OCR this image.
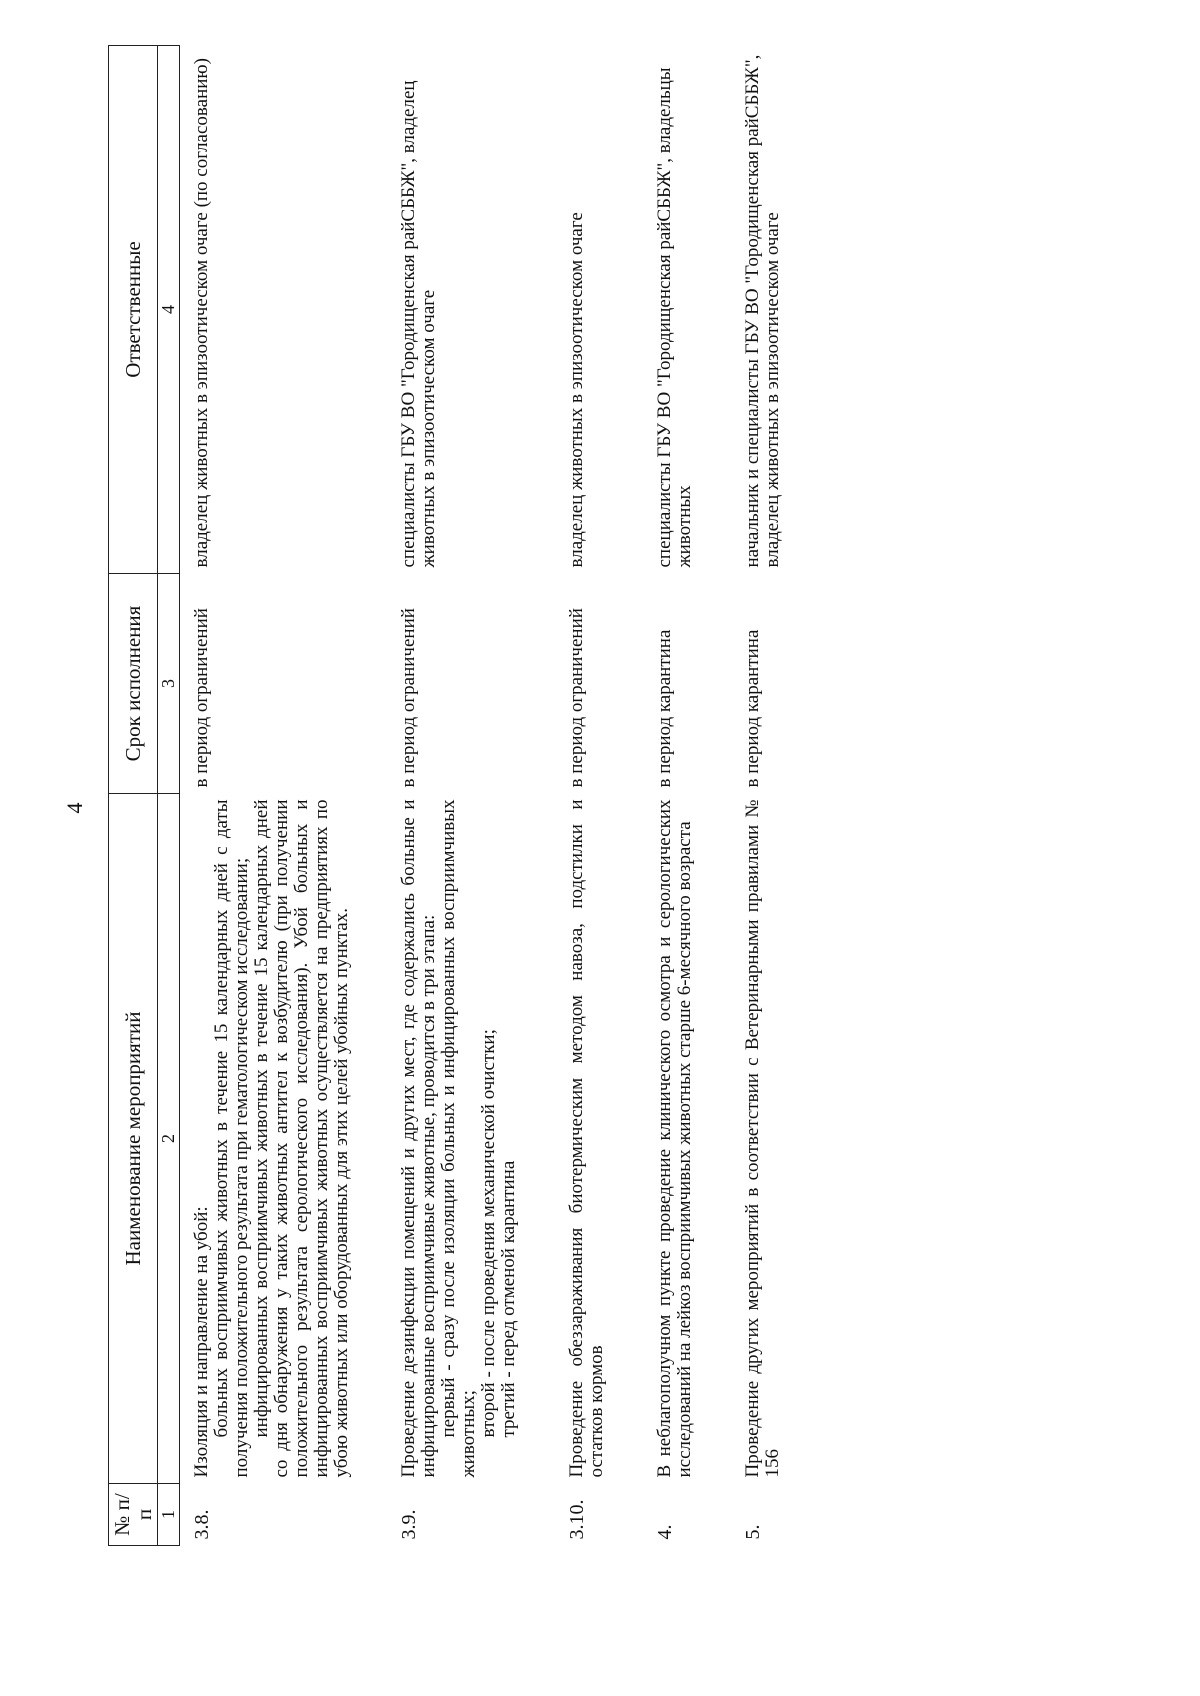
4
№ п/п	Наименование мероприятий	Срок исполнения	Ответственные
1	2	3	4
3.8.	Изоляция и направление на убой:

больных восприимчивых животных в течение 15 календарных дней с даты получения положительного результата при гематологическом исследовании;

инфицированных восприимчивых животных в течение 15 календарных дней со дня обнаружения у таких животных антител к возбудителю (при получении положительного результата серологического исследования). Убой больных и инфицированных восприимчивых животных осуществляется на предприятиях по убою животных или оборудованных для этих целей убойных пунктах.	в период ограничений	владелец животных в эпизоотическом очаге (по согласованию)
3.9.	Проведение дезинфекции помещений и других мест, где содержались больные и инфицированные восприимчивые животные, проводится в три этапа:

первый - сразу после изоляции больных и инфицированных восприимчивых животных;

второй - после проведения механической очистки;

третий - перед отменой карантина	в период ограничений	специалисты ГБУ ВО "Городищенская райСББЖ", владелец животных в эпизоотическом очаге
3.10.	Проведение обеззараживания биотермическим методом навоза, подстилки и остатков кормов	в период ограничений	владелец животных в эпизоотическом очаге
4.	В неблагополучном пункте проведение клинического осмотра и серологических исследований на лейкоз восприимчивых животных старше 6-месячного возраста	в период карантина	специалисты ГБУ ВО "Городищенская райСББЖ", владельцы животных
5.	Проведение других мероприятий в соответствии с Ветеринарными правилами № 156	в период карантина	начальник и специалисты ГБУ ВО "Городищенская райСББЖ", владелец животных в эпизоотическом очаге
